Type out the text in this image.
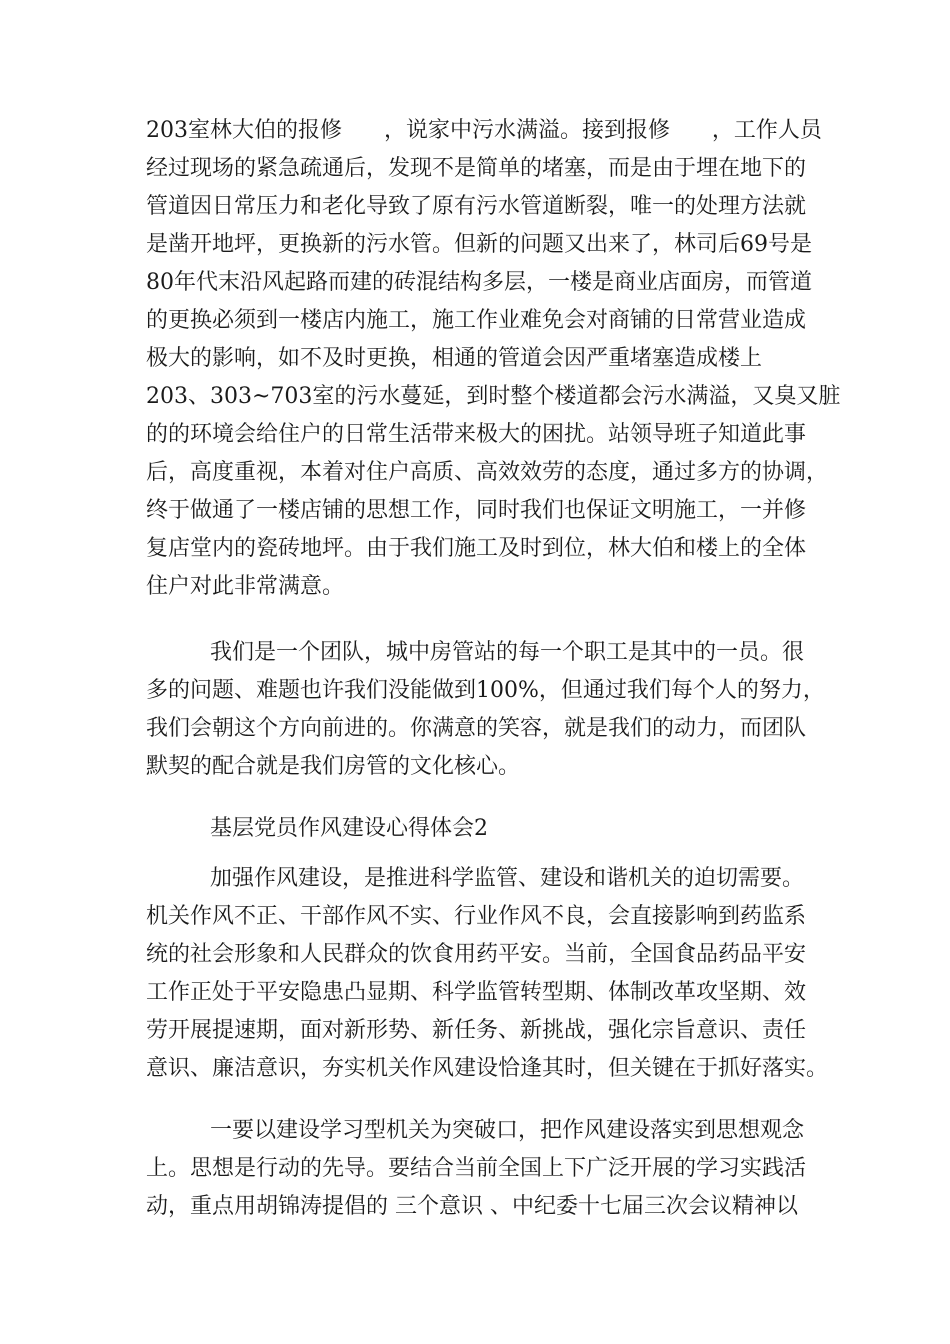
203室林大伯的报修      ，说家中污水满溢。接到报修      ，工作人员

经过现场的紧急疏通后，发现不是简单的堵塞，而是由于埋在地下的

管道因日常压力和老化导致了原有污水管道断裂，唯一的处理方法就

是凿开地坪，更换新的污水管。但新的问题又出来了，林司后69号是

80年代末沿风起路而建的砖混结构多层，一楼是商业店面房，而管道

的更换必须到一楼店内施工，施工作业难免会对商铺的日常营业造成

极大的影响，如不及时更换，相通的管道会因严重堵塞造成楼上

203、303~703室的污水蔓延，到时整个楼道都会污水满溢，又臭又脏

的的环境会给住户的日常生活带来极大的困扰。站领导班子知道此事

后，高度重视，本着对住户高质、高效效劳的态度，通过多方的协调，

终于做通了一楼店铺的思想工作，同时我们也保证文明施工，一并修

复店堂内的瓷砖地坪。由于我们施工及时到位，林大伯和楼上的全体

住户对此非常满意。

我们是一个团队，城中房管站的每一个职工是其中的一员。很

多的问题、难题也许我们没能做到100%，但通过我们每个人的努力，

我们会朝这个方向前进的。你满意的笑容，就是我们的动力，而团队

默契的配合就是我们房管的文化核心。

基层党员作风建设心得体会2

加强作风建设，是推进科学监管、建设和谐机关的迫切需要。

机关作风不正、干部作风不实、行业作风不良，会直接影响到药监系

统的社会形象和人民群众的饮食用药平安。当前，全国食品药品平安

工作正处于平安隐患凸显期、科学监管转型期、体制改革攻坚期、效

劳开展提速期，面对新形势、新任务、新挑战，强化宗旨意识、责任

意识、廉洁意识，夯实机关作风建设恰逢其时，但关键在于抓好落实。

一要以建设学习型机关为突破口，把作风建设落实到思想观念

上。思想是行动的先导。要结合当前全国上下广泛开展的学习实践活

动，重点用胡锦涛提倡的 三个意识 、中纪委十七届三次会议精神以
